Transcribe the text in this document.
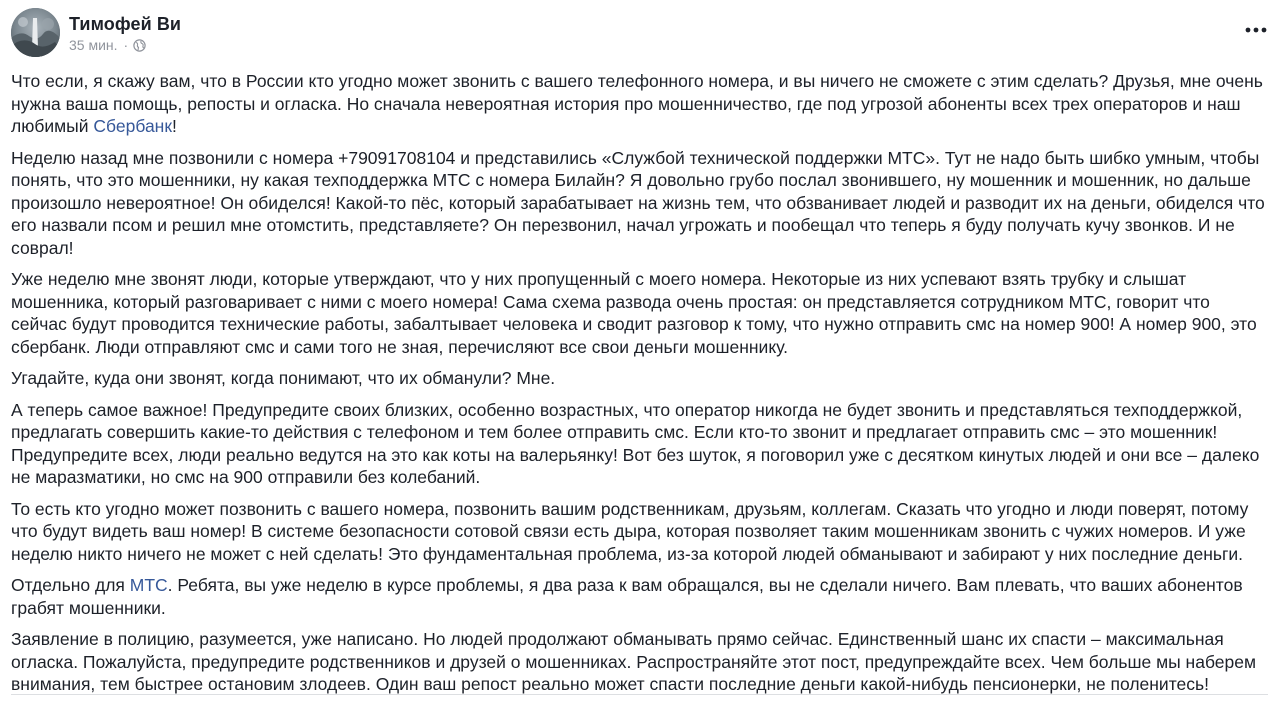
Тимофей Ви
35 мин. ·

Что если, я скажу вам, что в России кто угодно может звонить с вашего телефонного номера, и вы ничего не сможете с этим сделать? Друзья, мне очень нужна ваша помощь, репосты и огласка. Но сначала невероятная история про мошенничество, где под угрозой абоненты всех трех операторов и наш любимый Сбербанк!

Неделю назад мне позвонили с номера +79091708104 и представились «Службой технической поддержки МТС». Тут не надо быть шибко умным, чтобы понять, что это мошенники, ну какая техподдержка МТС с номера Билайн? Я довольно грубо послал звонившего, ну мошенник и мошенник, но дальше произошло невероятное! Он обиделся! Какой-то пёс, который зарабатывает на жизнь тем, что обзванивает людей и разводит их на деньги, обиделся что его назвали псом и решил мне отомстить, представляете? Он перезвонил, начал угрожать и пообещал что теперь я буду получать кучу звонков. И не соврал!

Уже неделю мне звонят люди, которые утверждают, что у них пропущенный с моего номера. Некоторые из них успевают взять трубку и слышат мошенника, который разговаривает с ними с моего номера! Сама схема развода очень простая: он представляется сотрудником МТС, говорит что сейчас будут проводится технические работы, забалтывает человека и сводит разговор к тому, что нужно отправить смс на номер 900! А номер 900, это сбербанк. Люди отправляют смс и сами того не зная, перечисляют все свои деньги мошеннику.

Угадайте, куда они звонят, когда понимают, что их обманули? Мне.

А теперь самое важное! Предупредите своих близких, особенно возрастных, что оператор никогда не будет звонить и представляться техподдержкой, предлагать совершить какие-то действия с телефоном и тем более отправить смс. Если кто-то звонит и предлагает отправить смс – это мошенник! Предупредите всех, люди реально ведутся на это как коты на валерьянку! Вот без шуток, я поговорил уже с десятком кинутых людей и они все – далеко не маразматики, но смс на 900 отправили без колебаний.

То есть кто угодно может позвонить с вашего номера, позвонить вашим родственникам, друзьям, коллегам. Сказать что угодно и люди поверят, потому что будут видеть ваш номер! В системе безопасности сотовой связи есть дыра, которая позволяет таким мошенникам звонить с чужих номеров. И уже неделю никто ничего не может с ней сделать! Это фундаментальная проблема, из-за которой людей обманывают и забирают у них последние деньги.

Отдельно для МТС. Ребята, вы уже неделю в курсе проблемы, я два раза к вам обращался, вы не сделали ничего. Вам плевать, что ваших абонентов грабят мошенники.

Заявление в полицию, разумеется, уже написано. Но людей продолжают обманывать прямо сейчас. Единственный шанс их спасти – максимальная огласка. Пожалуйста, предупредите родственников и друзей о мошенниках. Распространяйте этот пост, предупреждайте всех. Чем больше мы наберем внимания, тем быстрее остановим злодеев. Один ваш репост реально может спасти последние деньги какой-нибудь пенсионерки, не поленитесь!
